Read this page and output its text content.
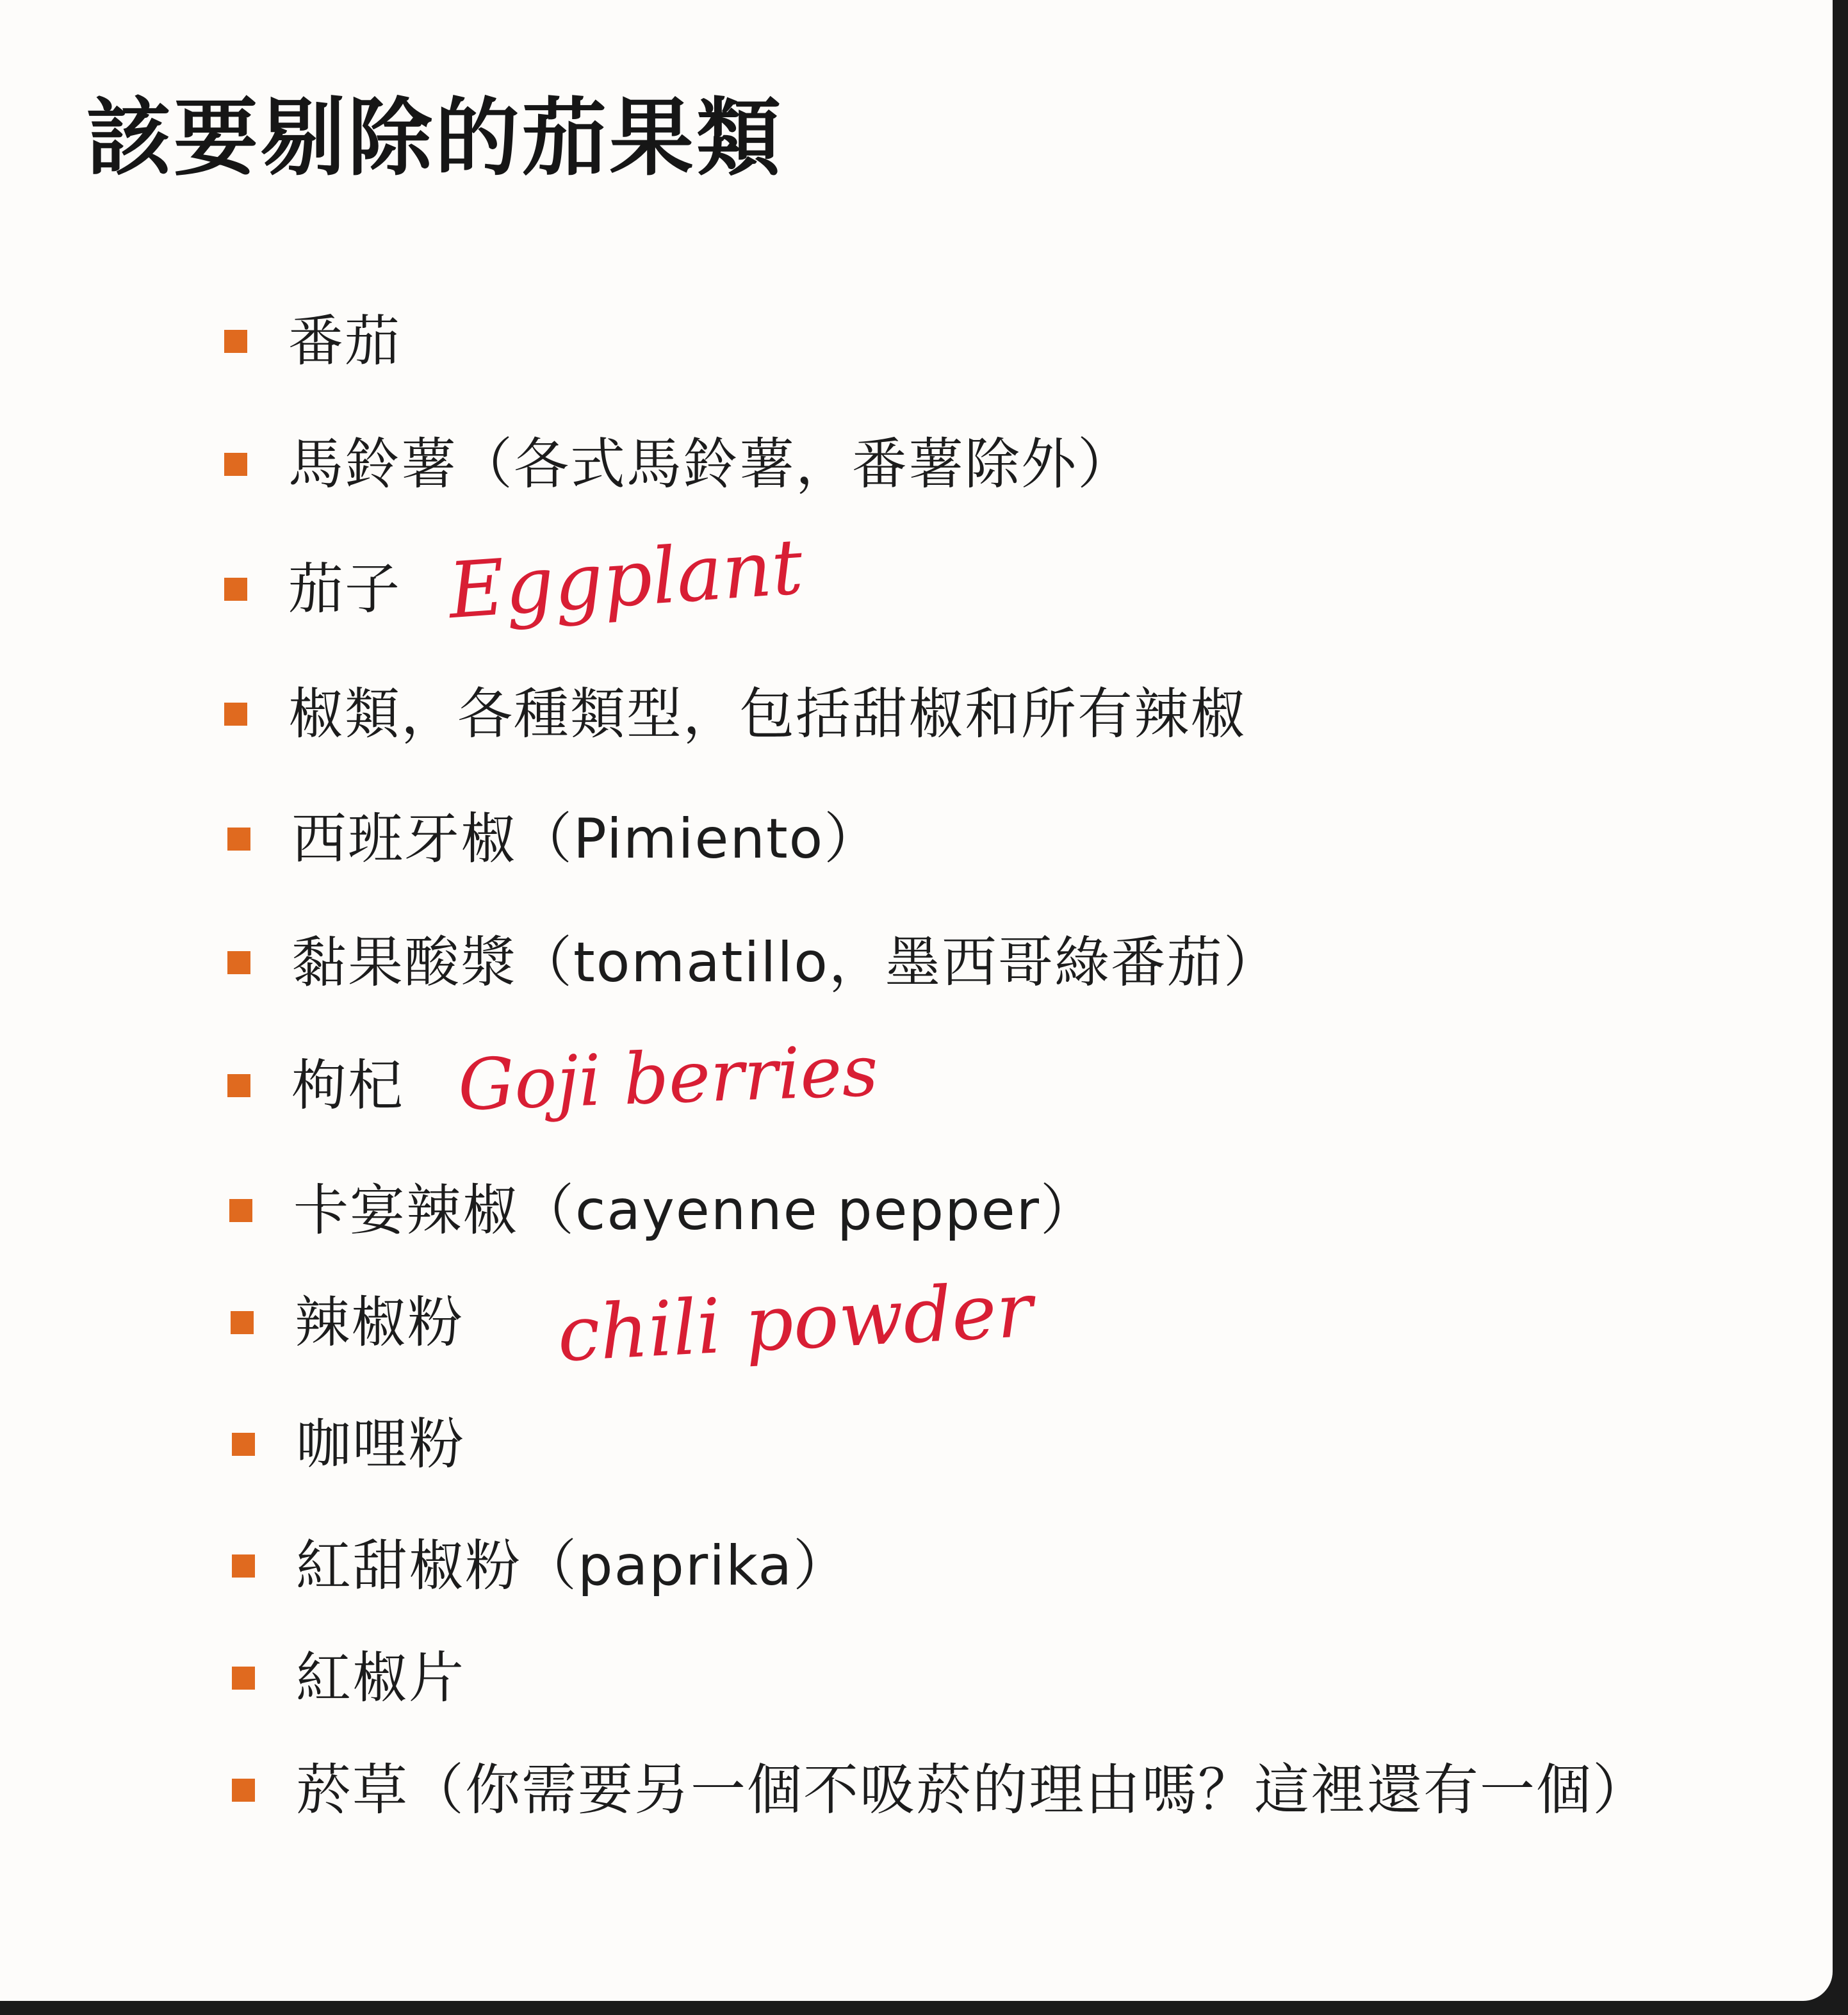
該要剔除的茄果類
番茄
馬鈴薯（各式馬鈴薯，番薯除外）
茄子
椒類，各種類型，包括甜椒和所有辣椒
西班牙椒（Pimiento）
黏果酸漿（tomatillo，墨西哥綠番茄）
枸杞
卡宴辣椒（cayenne pepper）
辣椒粉
咖哩粉
紅甜椒粉（paprika）
紅椒片
菸草（你需要另一個不吸菸的理由嗎？這裡還有一個）
Eggplant
Goji berries
chili powder
